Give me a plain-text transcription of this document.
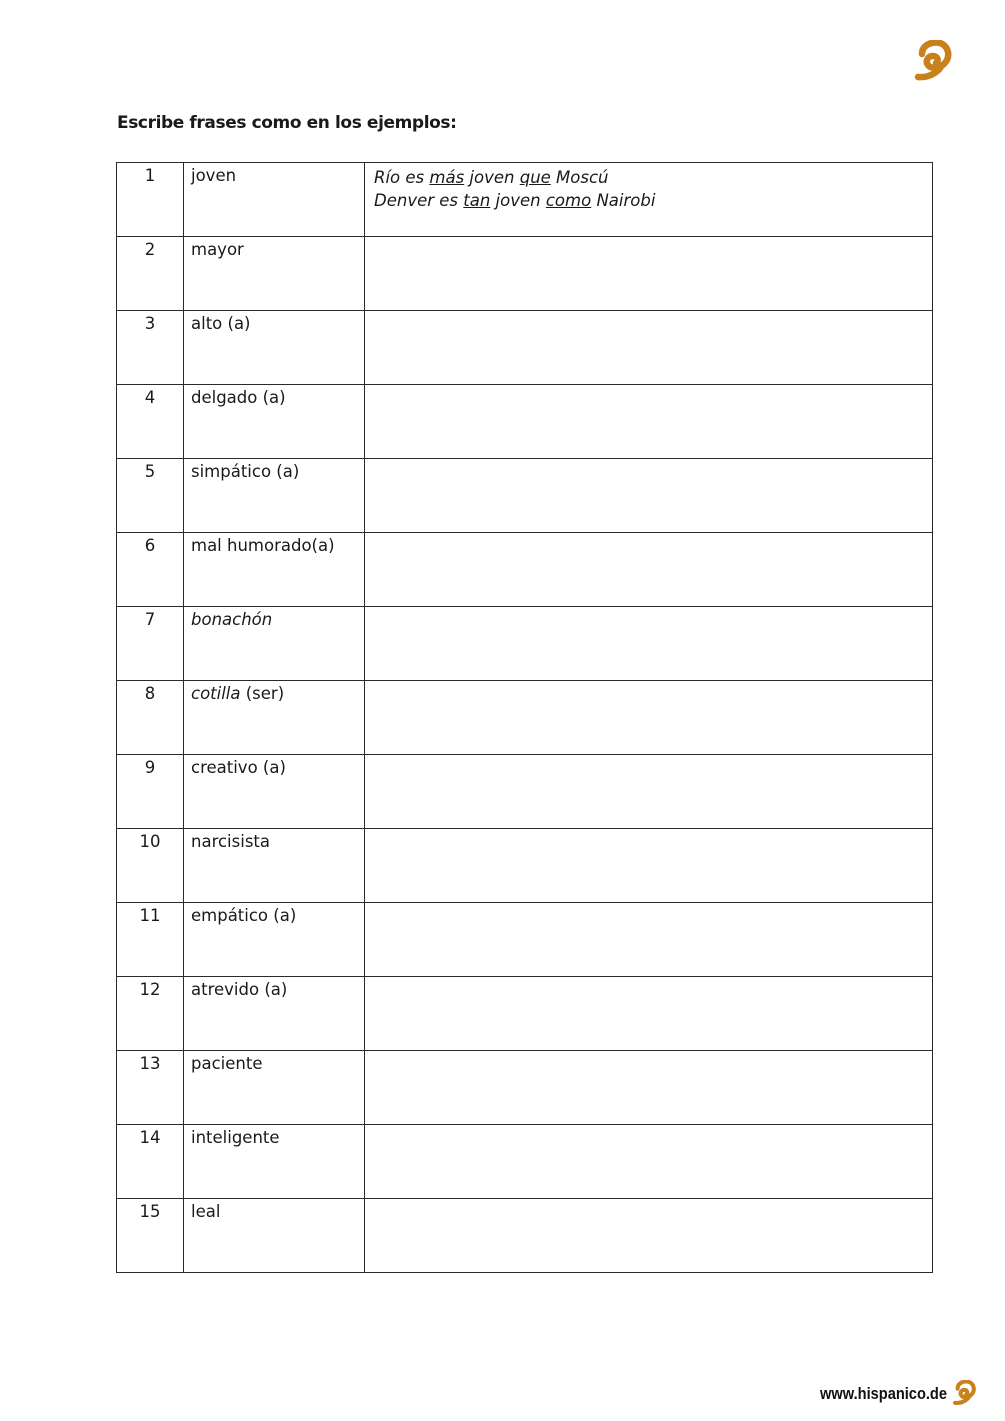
Escribe frases como en los ejemplos:
1	joven	Río es más joven que Moscú
Denver es tan joven como Nairobi

2	mayor	
3	alto (a)	
4	delgado (a)	
5	simpático (a)	
6	mal humorado(a)	
7	bonachón	
8	cotilla (ser)	
9	creativo (a)	
10	narcisista	
11	empático (a)	
12	atrevido (a)	
13	paciente	
14	inteligente	
15	leal	
www.hispanico.de
